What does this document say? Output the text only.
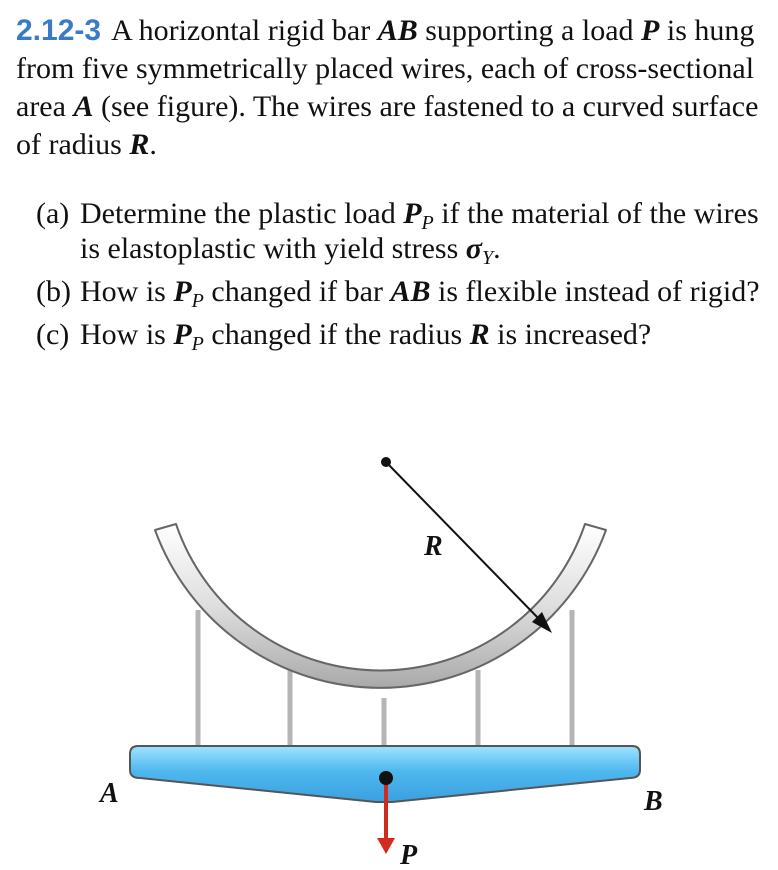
2.12-3 A horizontal rigid bar AB supporting a load P is hung from five symmetrically placed wires, each of cross-sectional area A (see figure). The wires are fastened to a curved surface of radius R.
(a) Determine the plastic load $P_P$ if the material of the wires is elastoplastic with yield stress $\sigma_Y$.
(b) How is $P_P$ changed if bar AB is flexible instead of rigid?
(c) How is $P_P$ changed if the radius R is increased?
R
A	B
P
